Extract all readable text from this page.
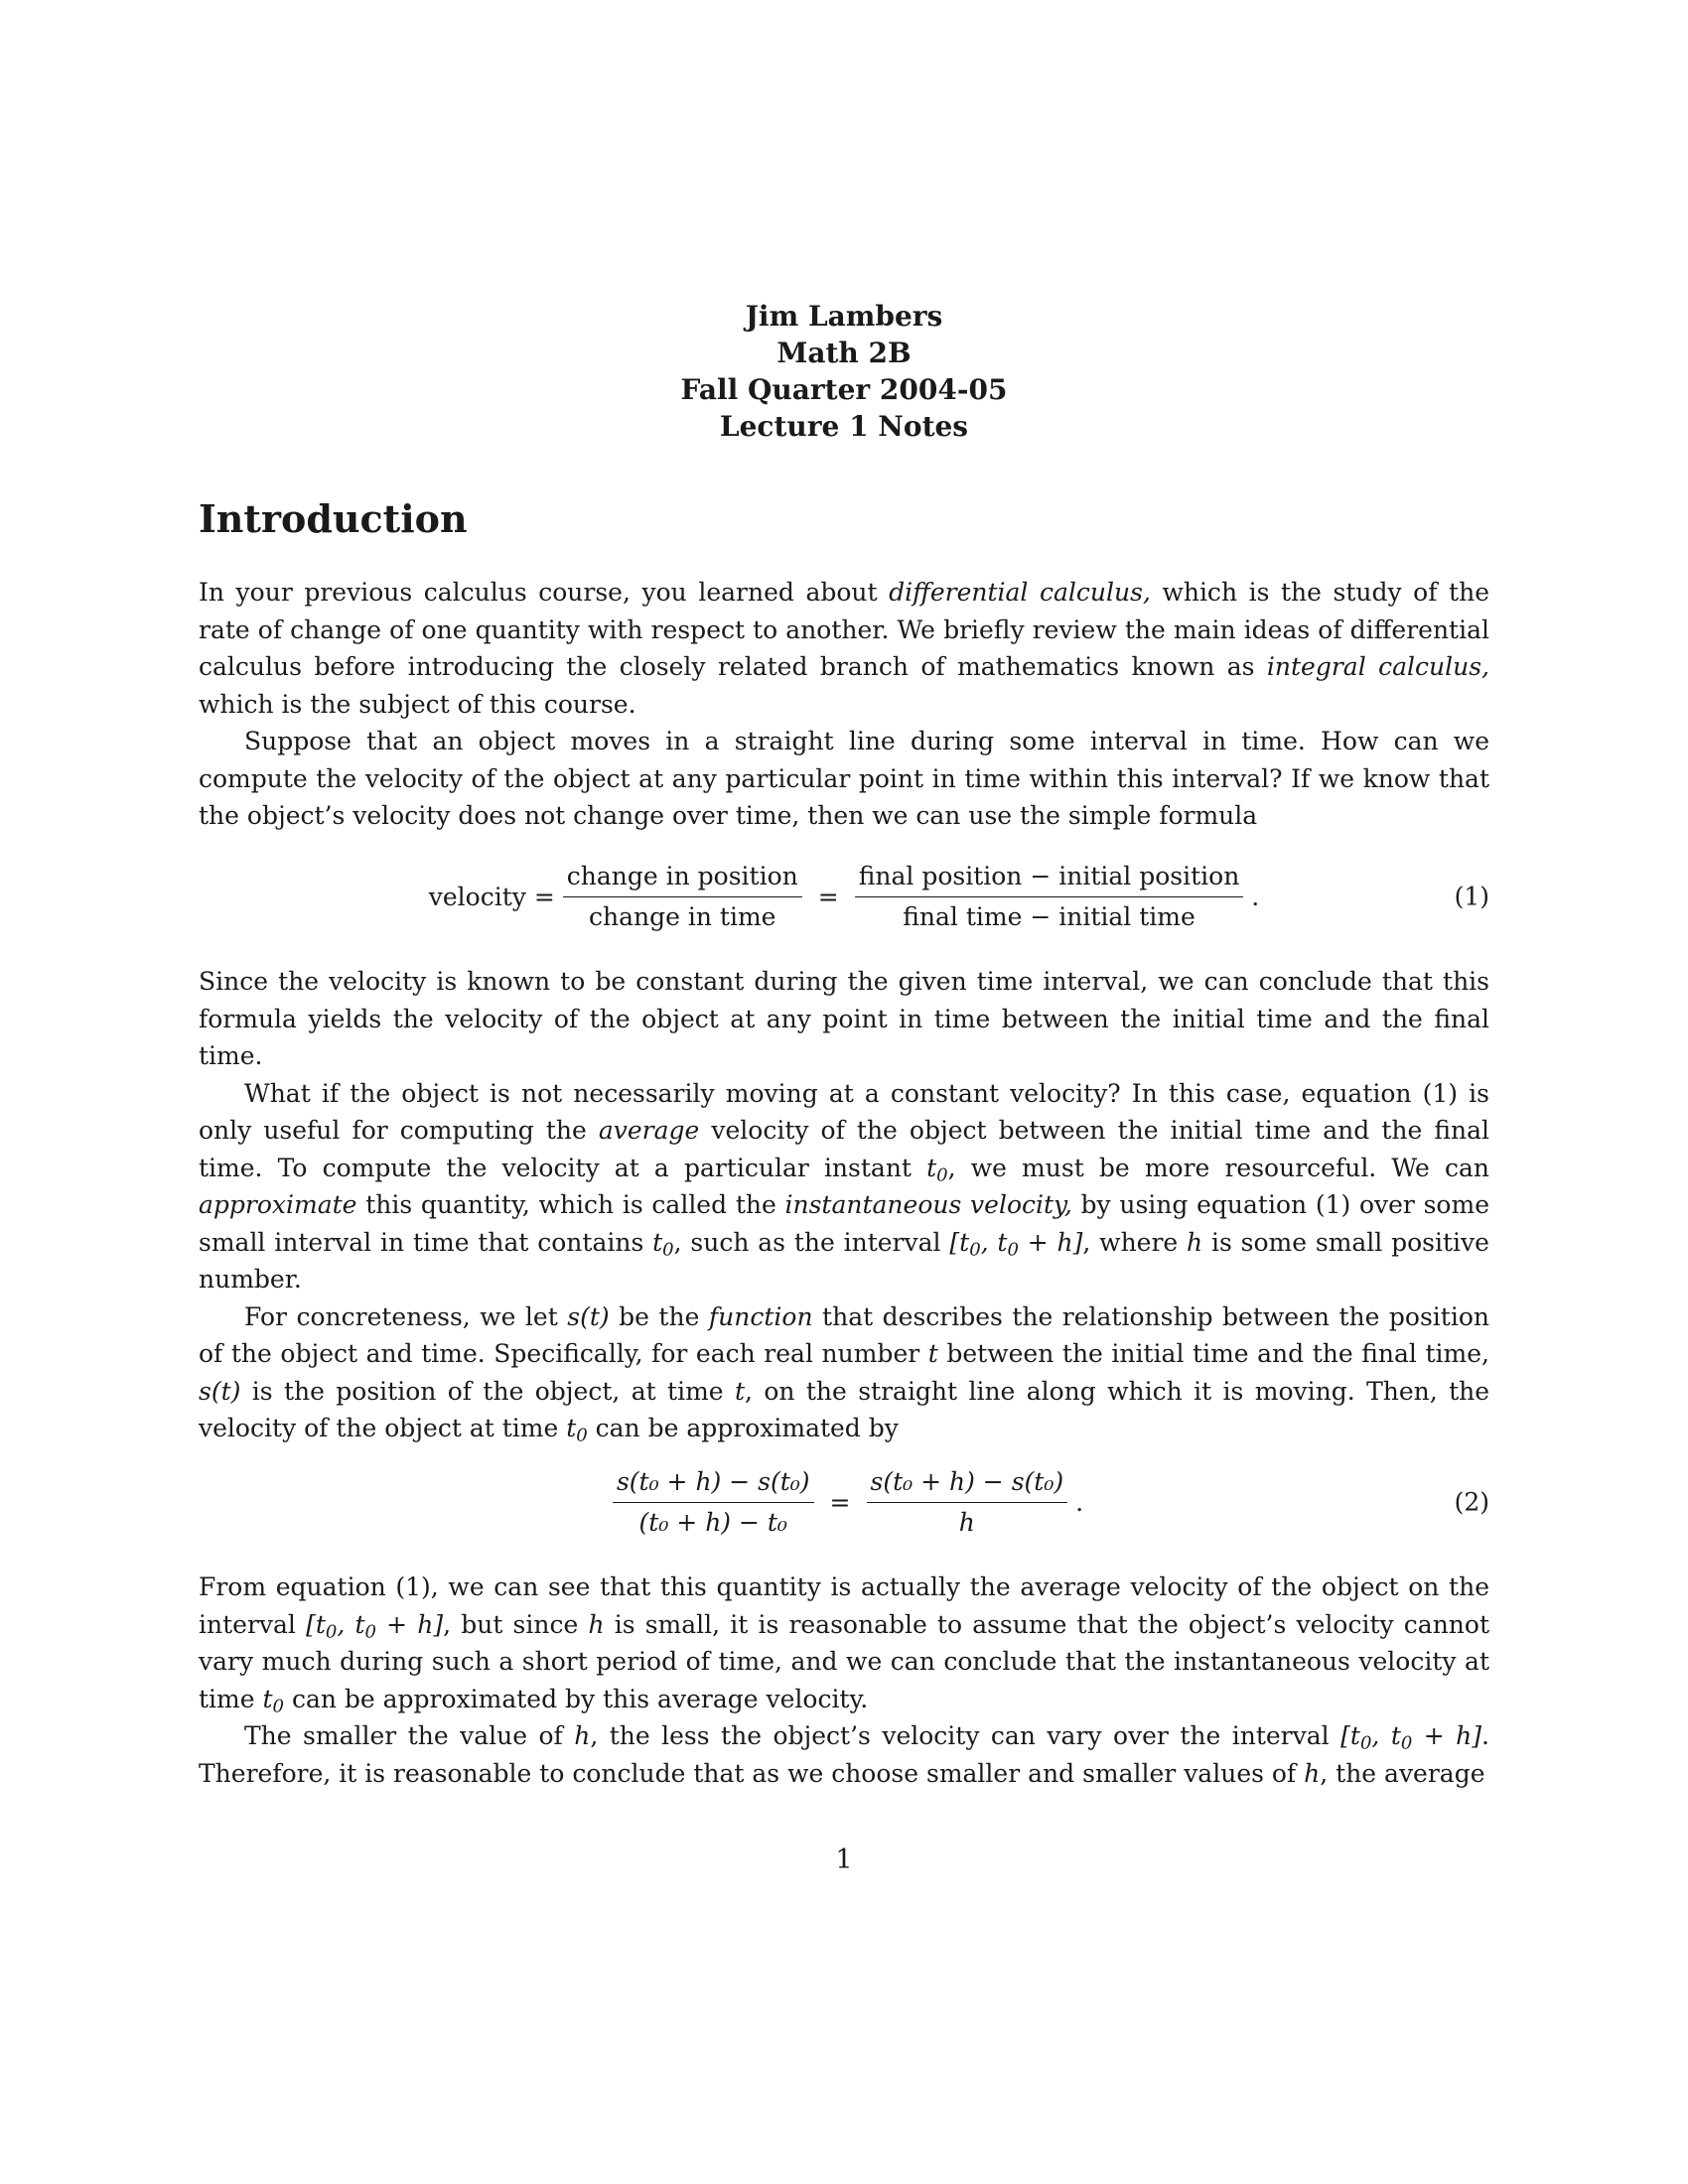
Jim Lambers
Math 2B
Fall Quarter 2004-05
Lecture 1 Notes
Introduction

In your previous calculus course, you learned about differential calculus, which is the study of the rate of change of one quantity with respect to another. We briefly review the main ideas of differential calculus before introducing the closely related branch of mathematics known as integral calculus, which is the subject of this course.

Suppose that an object moves in a straight line during some interval in time. How can we compute the velocity of the object at any particular point in time within this interval? If we know that the object’s velocity does not change over time, then we can use the simple formula

velocity = $\frac{\text{change in position}}{\text{change in time}} = \frac{\text{final position − initial position}}{\text{final time − initial time}}$ .	(1)

Since the velocity is known to be constant during the given time interval, we can conclude that this formula yields the velocity of the object at any point in time between the initial time and the final time.

What if the object is not necessarily moving at a constant velocity? In this case, equation (1) is only useful for computing the average velocity of the object between the initial time and the final time. To compute the velocity at a particular instant $t_0$, we must be more resourceful. We can approximate this quantity, which is called the instantaneous velocity, by using equation (1) over some small interval in time that contains $t_0$, such as the interval [$t_0$, $t_0 + h$], where h is some small positive number.

For concreteness, we let s(t) be the function that describes the relationship between the position of the object and time. Specifically, for each real number t between the initial time and the final time, s(t) is the position of the object, at time t, on the straight line along which it is moving. Then, the velocity of the object at time $t_0$ can be approximated by

$\frac{\text{s(t₀ + h) − s(t₀)}}{\text{(t₀ + h) − t₀}} = \frac{\text{s(t₀ + h) − s(t₀)}}{h}$ .	(2)

From equation (1), we can see that this quantity is actually the average velocity of the object on the interval [$t_0$, $t_0 + h$], but since h is small, it is reasonable to assume that the object’s velocity cannot vary much during such a short period of time, and we can conclude that the instantaneous velocity at time $t_0$ can be approximated by this average velocity.

The smaller the value of h, the less the object’s velocity can vary over the interval [$t_0$, $t_0 + h$]. Therefore, it is reasonable to conclude that as we choose smaller and smaller values of h, the average

1
